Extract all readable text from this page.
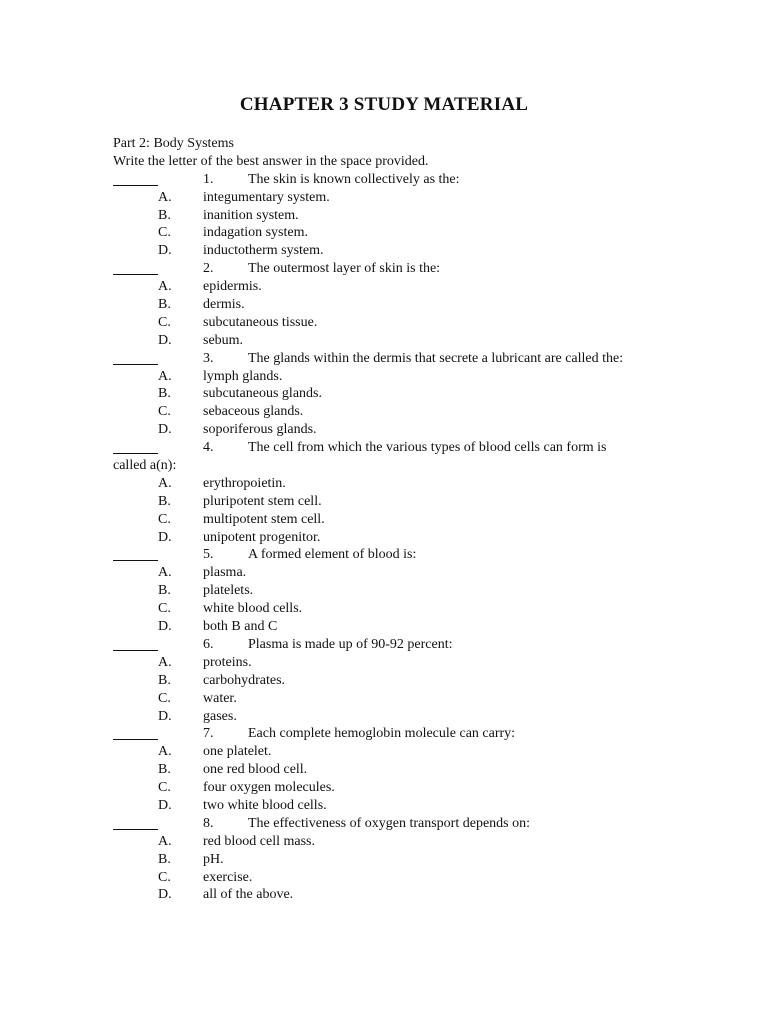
CHAPTER 3 STUDY MATERIAL
Part 2: Body Systems
Write the letter of the best answer in the space provided.
1. The skin is known collectively as the:
A. integumentary system.
B. inanition system.
C. indagation system.
D. inductotherm system.
2. The outermost layer of skin is the:
A. epidermis.
B. dermis.
C. subcutaneous tissue.
D. sebum.
3. The glands within the dermis that secrete a lubricant are called the:
A. lymph glands.
B. subcutaneous glands.
C. sebaceous glands.
D. soporiferous glands.
4. The cell from which the various types of blood cells can form is
called a(n):
A. erythropoietin.
B. pluripotent stem cell.
C. multipotent stem cell.
D. unipotent progenitor.
5. A formed element of blood is:
A. plasma.
B. platelets.
C. white blood cells.
D. both B and C
6. Plasma is made up of 90-92 percent:
A. proteins.
B. carbohydrates.
C. water.
D. gases.
7. Each complete hemoglobin molecule can carry:
A. one platelet.
B. one red blood cell.
C. four oxygen molecules.
D. two white blood cells.
8. The effectiveness of oxygen transport depends on:
A. red blood cell mass.
B. pH.
C. exercise.
D. all of the above.
